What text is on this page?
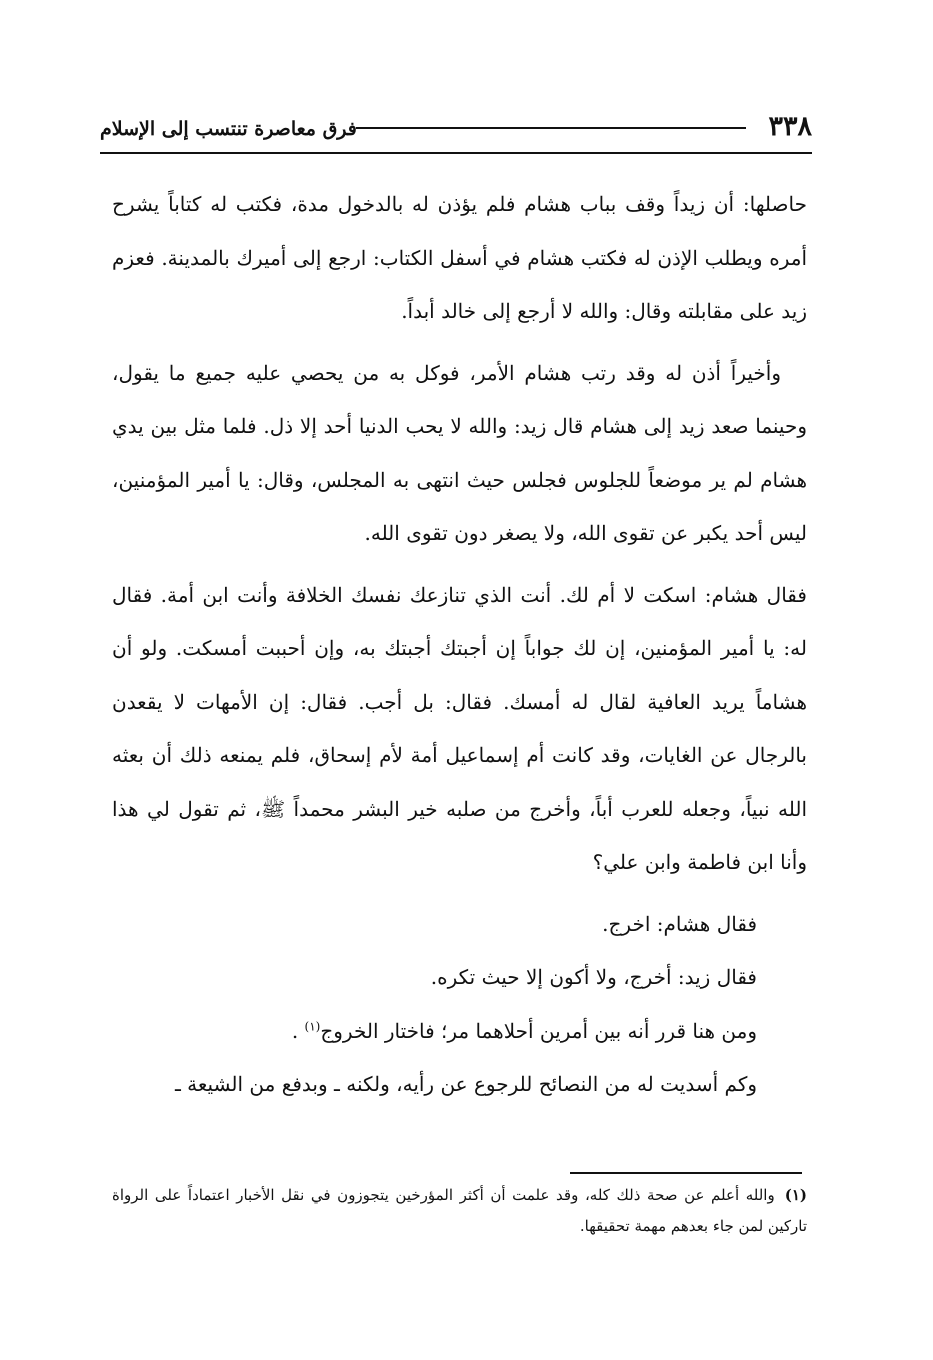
٣٣٨
فرق معاصرة تنتسب إلى الإسلام

حاصلها: أن زيداً وقف بباب هشام فلم يؤذن له بالدخول مدة، فكتب له كتاباً يشرح أمره ويطلب الإذن له فكتب هشام في أسفل الكتاب: ارجع إلى أميرك بالمدينة. فعزم زيد على مقابلته وقال: والله لا أرجع إلى خالد أبداً.

وأخيراً أذن له وقد رتب هشام الأمر، فوكل به من يحصي عليه جميع ما يقول، وحينما صعد زيد إلى هشام قال زيد: والله لا يحب الدنيا أحد إلا ذل. فلما مثل بين يدي هشام لم ير موضعاً للجلوس فجلس حيث انتهى به المجلس، وقال: يا أمير المؤمنين، ليس أحد يكبر عن تقوى الله، ولا يصغر دون تقوى الله.

فقال هشام: اسكت لا أم لك. أنت الذي تنازعك نفسك الخلافة وأنت ابن أمة. فقال له: يا أمير المؤمنين، إن لك جواباً إن أجبتك أجبتك به، وإن أحببت أمسكت. ولو أن هشاماً يريد العافية لقال له أمسك. فقال: بل أجب. فقال: إن الأمهات لا يقعدن بالرجال عن الغايات، وقد كانت أم إسماعيل أمة لأم إسحاق، فلم يمنعه ذلك أن بعثه الله نبياً، وجعله للعرب أباً، وأخرج من صلبه خير البشر محمداً ﷺ، ثم تقول لي هذا وأنا ابن فاطمة وابن علي؟

فقال هشام: اخرج.

فقال زيد: أخرج، ولا أكون إلا حيث تكره.

ومن هنا قرر أنه بين أمرين أحلاهما مر؛ فاختار الخروج$^{(١)}$ .

وكم أسديت له من النصائح للرجوع عن رأيه، ولكنه ـ وبدفع من الشيعة ـ

(١)والله أعلم عن صحة ذلك كله، وقد علمت أن أكثر المؤرخين يتجوزون في نقل الأخبار اعتماداً على الرواة تاركين لمن جاء بعدهم مهمة تحقيقها.
